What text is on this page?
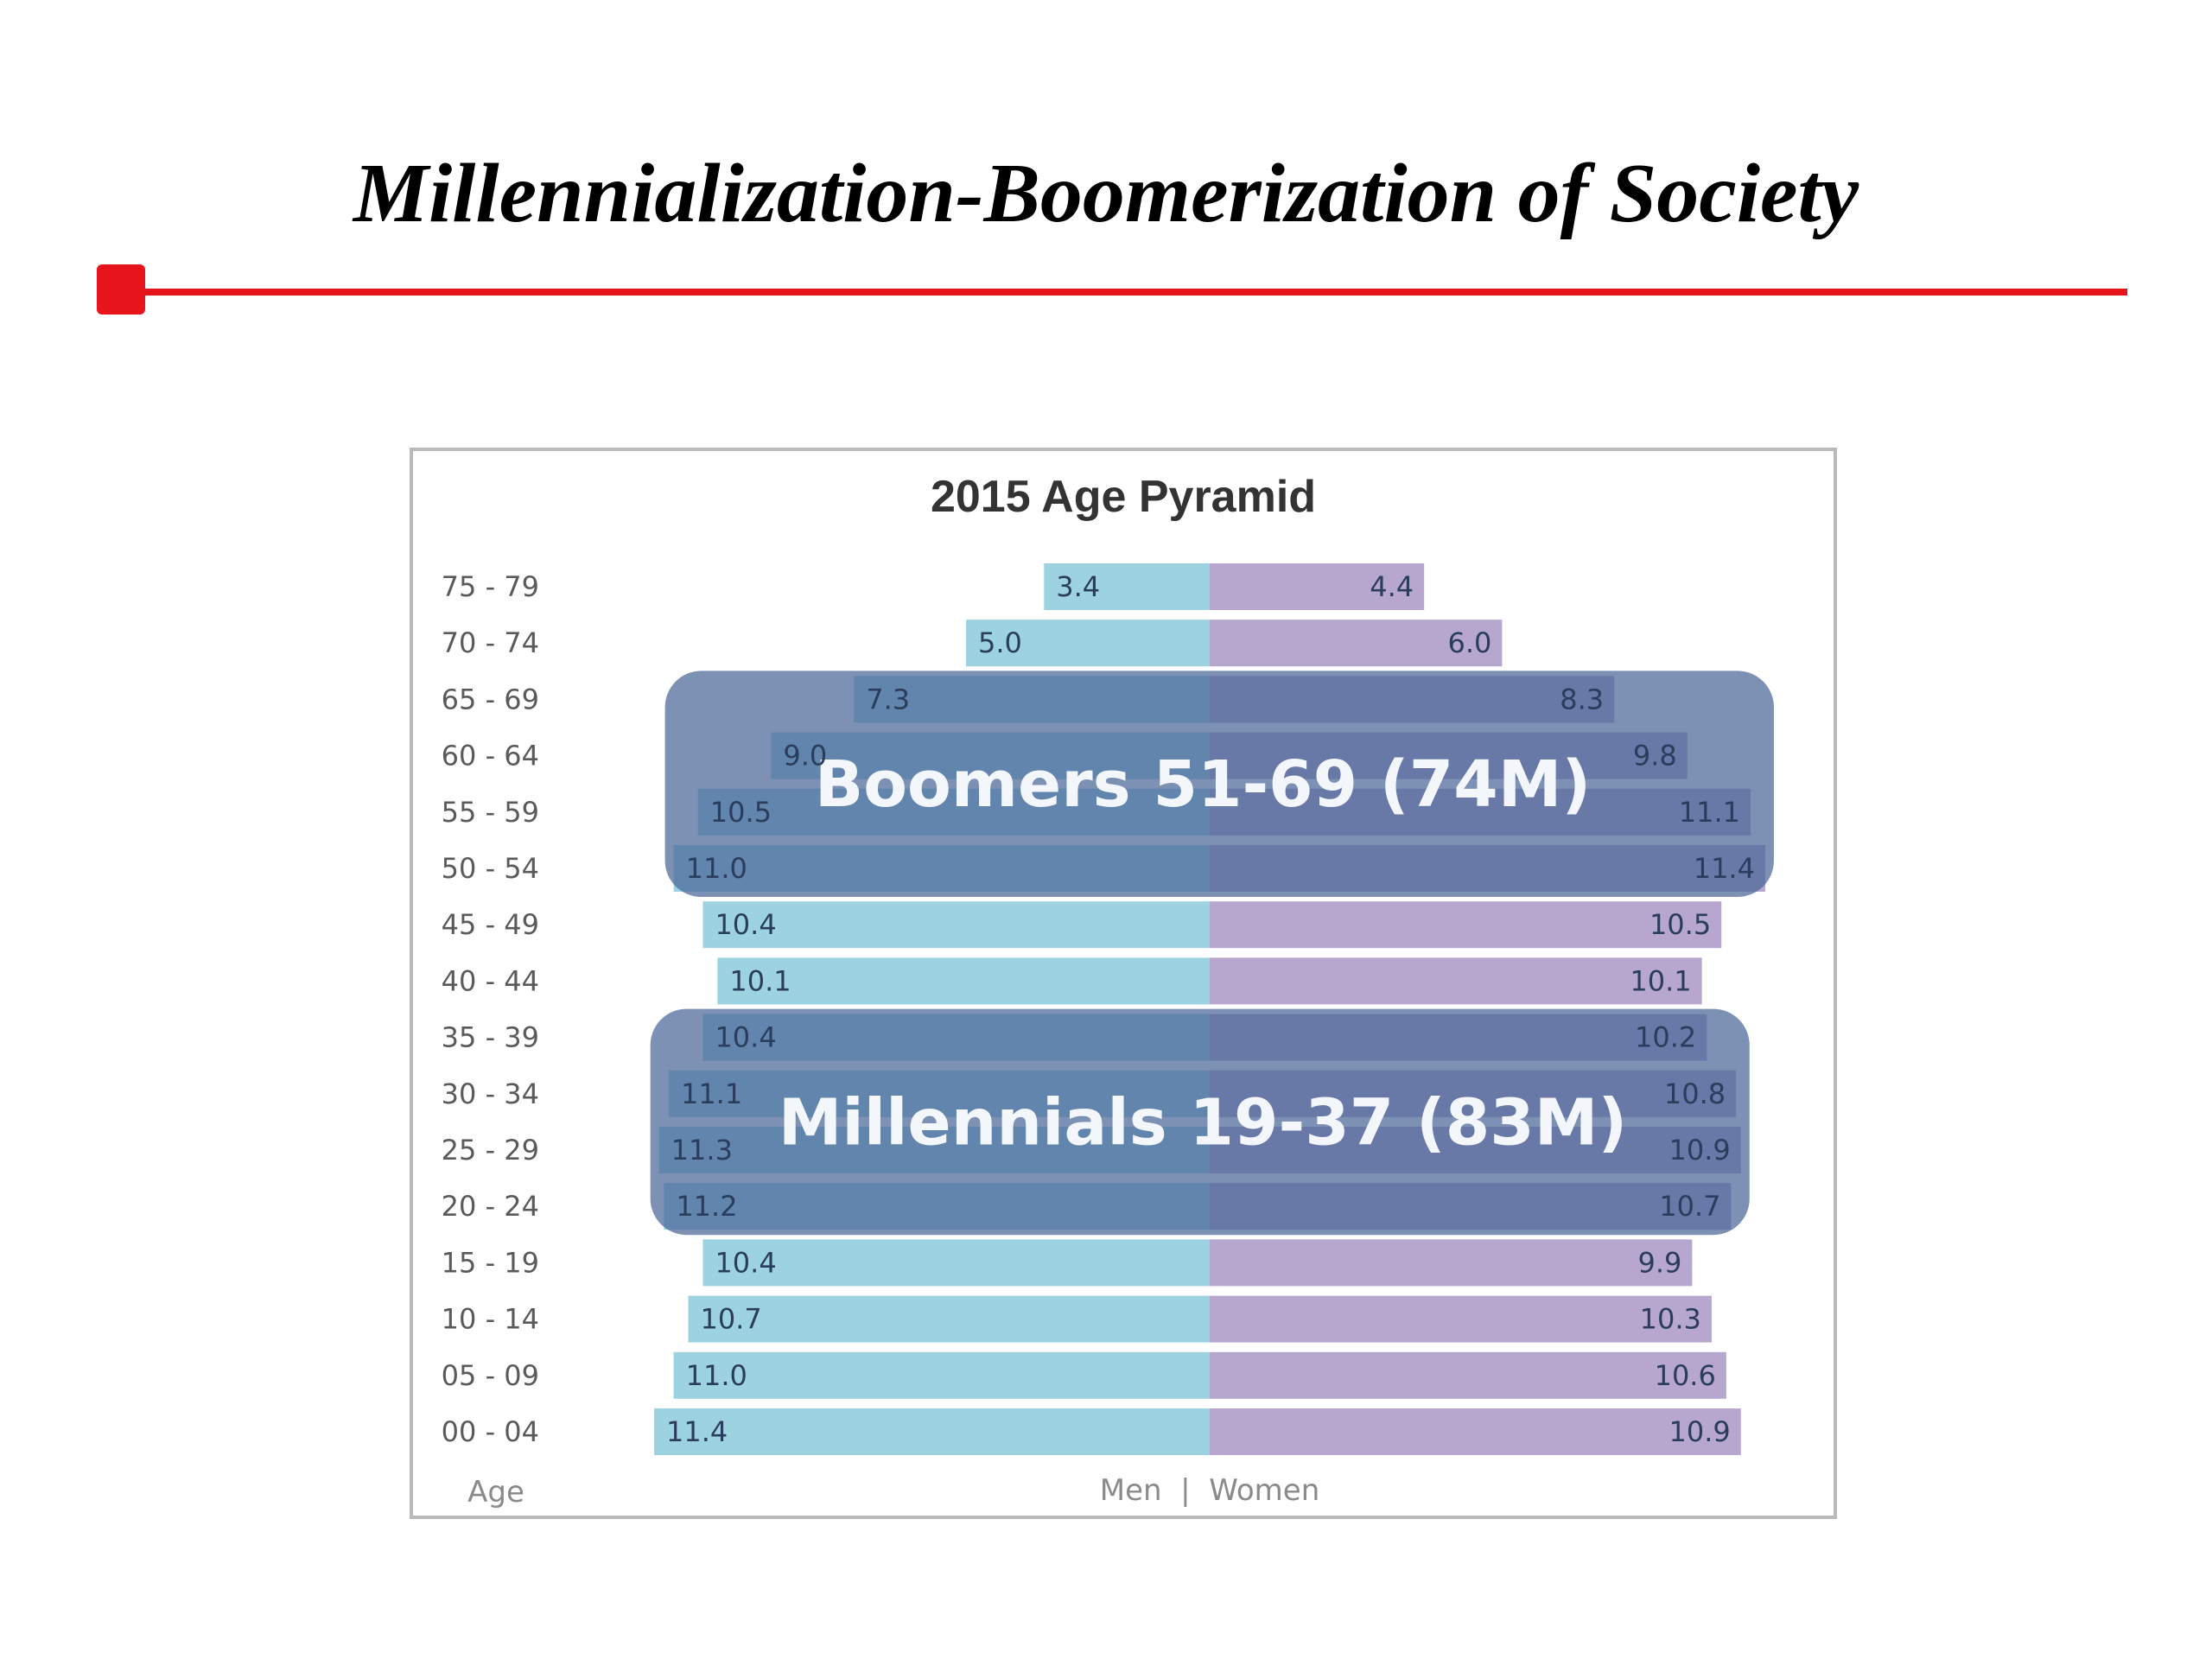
Millennialization-Boomerization of Society
2015 Age Pyramid
Boomers 51-69 (74M)
Millennials 19-37 (83M)
75 - 79	3.4	4.4
70 - 74	5.0	6.0
65 - 69	7.3	8.3
60 - 64	9.0	9.8
55 - 59	10.5	11.1
50 - 54	11.0	11.4
45 - 49	10.4	10.5
40 - 44	10.1	10.1
35 - 39	10.4	10.2
30 - 34	11.1	10.8
25 - 29	11.3	10.9
20 - 24	11.2	10.7
15 - 19	10.4	9.9
10 - 14	10.7	10.3
05 - 09	11.0	10.6
00 - 04	11.4	10.9
Age	Men  |  Women
